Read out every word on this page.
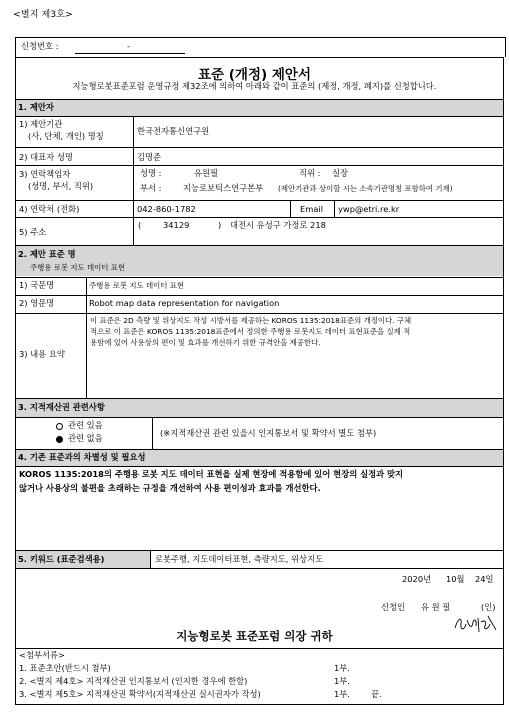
<별지 제3호>
신청번호 :	-
표준 (개정) 제안서
지능형로봇표준포럼 운영규정 제32조에 의하여 아래와 같이 표준의 (제정, 개정, 폐지)를 신청합니다.
1. 제안자
1) 제안기관
(사, 단체, 개인) 명칭	한국전자통신연구원
2) 대표자 성명	김명준
3) 연락책임자
(성명, 부서, 직위)
성명 :	유원필	직위 : 실장
부서 :	지능로보틱스연구본부 (제안기관과 상이할 시는 소속기관명칭 포함하여 기재)
4) 연락처 (전화)	042-860-1782	Email ywp@etri.re.kr
5) 주소
(	34129	) 대전시 유성구 가정로 218
2. 제안 표준 명
주행용 로봇 지도 데이터 표현
1) 국문명	주행용 로봇 지도 데이터 표현
2) 영문명	Robot map data representation for navigation
3) 내용 요약
이 표준은 2D 측량 및 위상지도 작성 시방서를 제공하는 KOROS 1135:2018표준의 개정이다. 구체
적으로 이 표준은 KOROS 1135:2018표준에서 정의한 주행용 로봇지도 데이터 표현표준을 실제 적
용함에 있어 사용상의 편이 및 효과를 개선하기 위한 규격안을 제공한다.
3. 지적재산권 관련사항
관련 있음
관련 없음	(※지적재산권 관련 있을시 인지통보서 및 확약서 별도 첨부)
4. 기존 표준과의 차별성 및 필요성
KOROS 1135:2018의 주행용 로봇 지도 데이터 표현을 실제 현장에 적용함에 있어 현장의 실정과 맞지
않거나 사용상의 불편을 초래하는 규정을 개선하여 사용 편이성과 효과를 개선한다.
5. 키워드 (표준검색용)	로봇주행, 지도데이터표현, 측량지도, 위상지도
2020년 10월 24일
신청인 유 원 필	(인)
지능형로봇 표준포럼 의장 귀하
<첨부서류>
1. 표준초안(반드시 첨부)	1부.
2. <별지 제4호> 지적재산권 인지통보서 (인지한 경우에 한함)	1부.
3. <별지 제5호> 지적재산권 확약서(지적재산권 실시권자가 작성)	1부.	끝.
